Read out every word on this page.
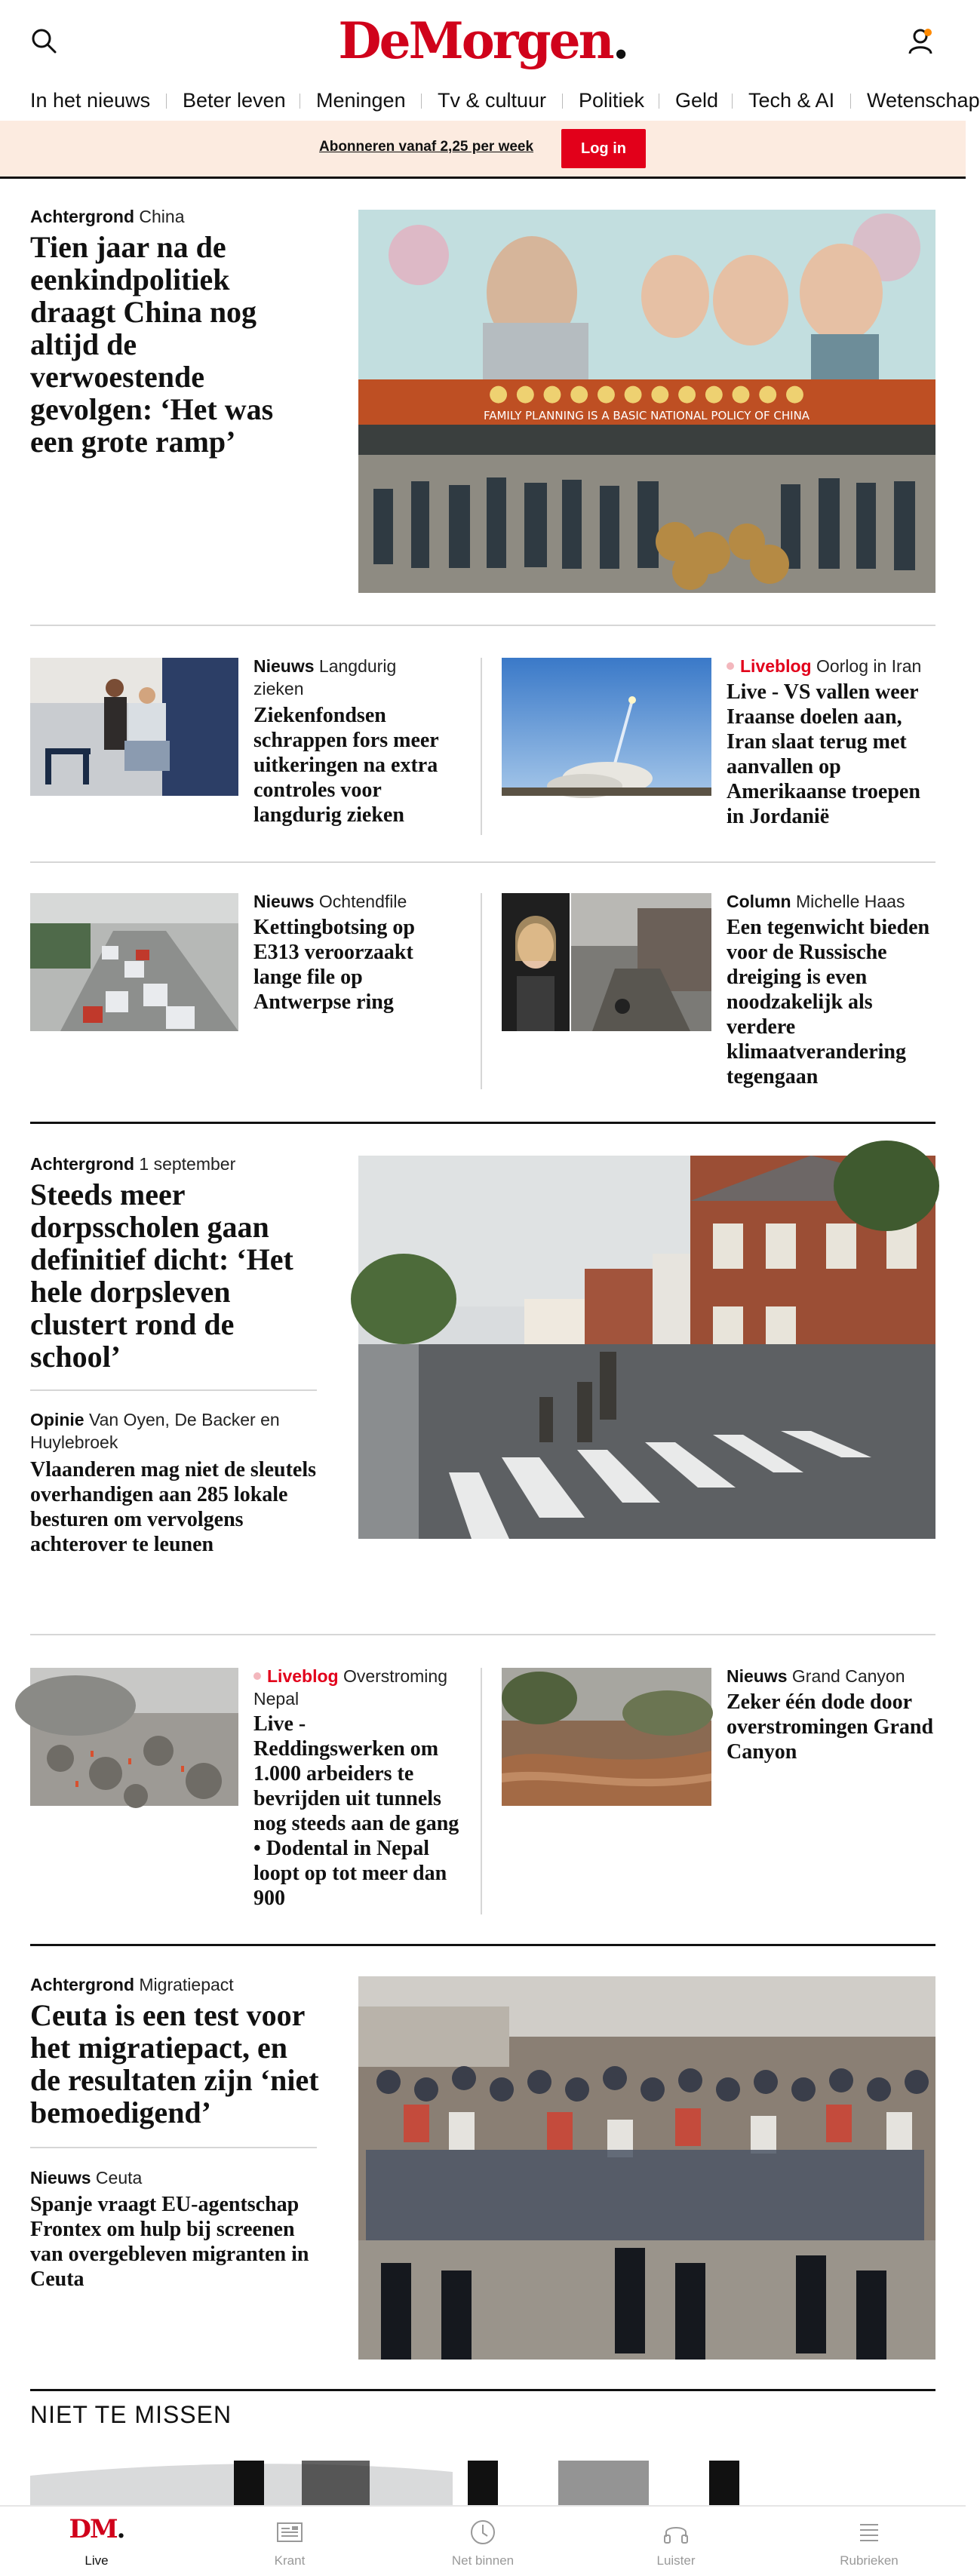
DeMorgen.
In het nieuws Beter leven Meningen Tv & cultuur Politiek Geld Tech & AI Wetenschap
Abonneren vanaf 2,25 per week	Log in
Achtergrond China
Tien jaar na de eenkindpolitiek draagt China nog altijd de verwoestende gevolgen: ‘Het was een grote ramp’
● ● ● ● ● ● ● ● ● ● ● ●
FAMILY PLANNING IS A BASIC NATIONAL POLICY OF CHINA
Nieuws Langdurig zieken
Ziekenfondsen schrappen fors meer uitkeringen na extra controles voor langdurig zieken
Liveblog Oorlog in Iran
Live - VS vallen weer Iraanse doelen aan, Iran slaat terug met aanvallen op Amerikaanse troepen in Jordanië
Nieuws Ochtendfile
Kettingbotsing op E313 veroorzaakt lange file op Antwerpse ring
Column Michelle Haas
Een tegenwicht bieden voor de Russische dreiging is even noodzakelijk als verdere klimaatverandering tegengaan
Achtergrond 1 september
Steeds meer dorpsscholen gaan definitief dicht: ‘Het hele dorpsleven clustert rond de school’
Opinie Van Oyen, De Backer en Huylebroek
Vlaanderen mag niet de sleutels overhandigen aan 285 lokale besturen om vervolgens achterover te leunen
Liveblog Overstroming Nepal
Live - Reddingswerken om 1.000 arbeiders te bevrijden uit tunnels nog steeds aan de gang • Dodental in Nepal loopt op tot meer dan 900
Nieuws Grand Canyon
Zeker één dode door overstromingen Grand Canyon
Achtergrond Migratiepact
Ceuta is een test voor het migratiepact, en de resultaten zijn ‘niet bemoedigend’
Nieuws Ceuta
Spanje vraagt EU-agentschap Frontex om hulp bij screenen van overgebleven migranten in Ceuta
NIET TE MISSEN
DM.
Live	Krant	Net binnen	Luister	Rubrieken
